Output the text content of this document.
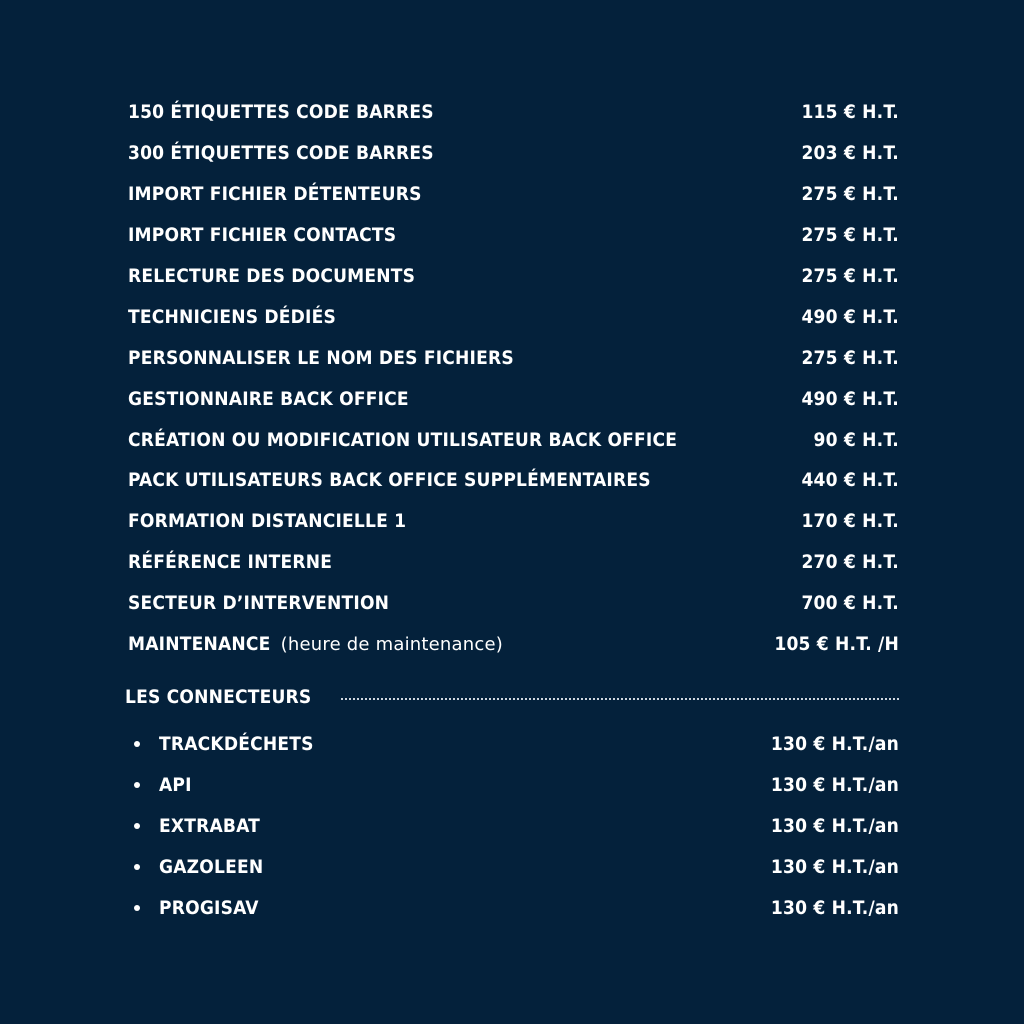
150 ÉTIQUETTES CODE BARRES	115 € H.T.
300 ÉTIQUETTES CODE BARRES	203 € H.T.
IMPORT FICHIER DÉTENTEURS	275 € H.T.
IMPORT FICHIER CONTACTS	275 € H.T.
RELECTURE DES DOCUMENTS	275 € H.T.
TECHNICIENS DÉDIÉS	490 € H.T.
PERSONNALISER LE NOM DES FICHIERS	275 € H.T.
GESTIONNAIRE BACK OFFICE	490 € H.T.
CRÉATION OU MODIFICATION UTILISATEUR BACK OFFICE	90 € H.T.
PACK UTILISATEURS BACK OFFICE SUPPLÉMENTAIRES	440 € H.T.
FORMATION DISTANCIELLE 1	170 € H.T.
RÉFÉRENCE INTERNE	270 € H.T.
SECTEUR D’INTERVENTION	700 € H.T.
MAINTENANCE (heure de maintenance)	105 € H.T. /H
LES CONNECTEURS
TRACKDÉCHETS	130 € H.T./an
API	130 € H.T./an
EXTRABAT	130 € H.T./an
GAZOLEEN	130 € H.T./an
PROGISAV	130 € H.T./an
